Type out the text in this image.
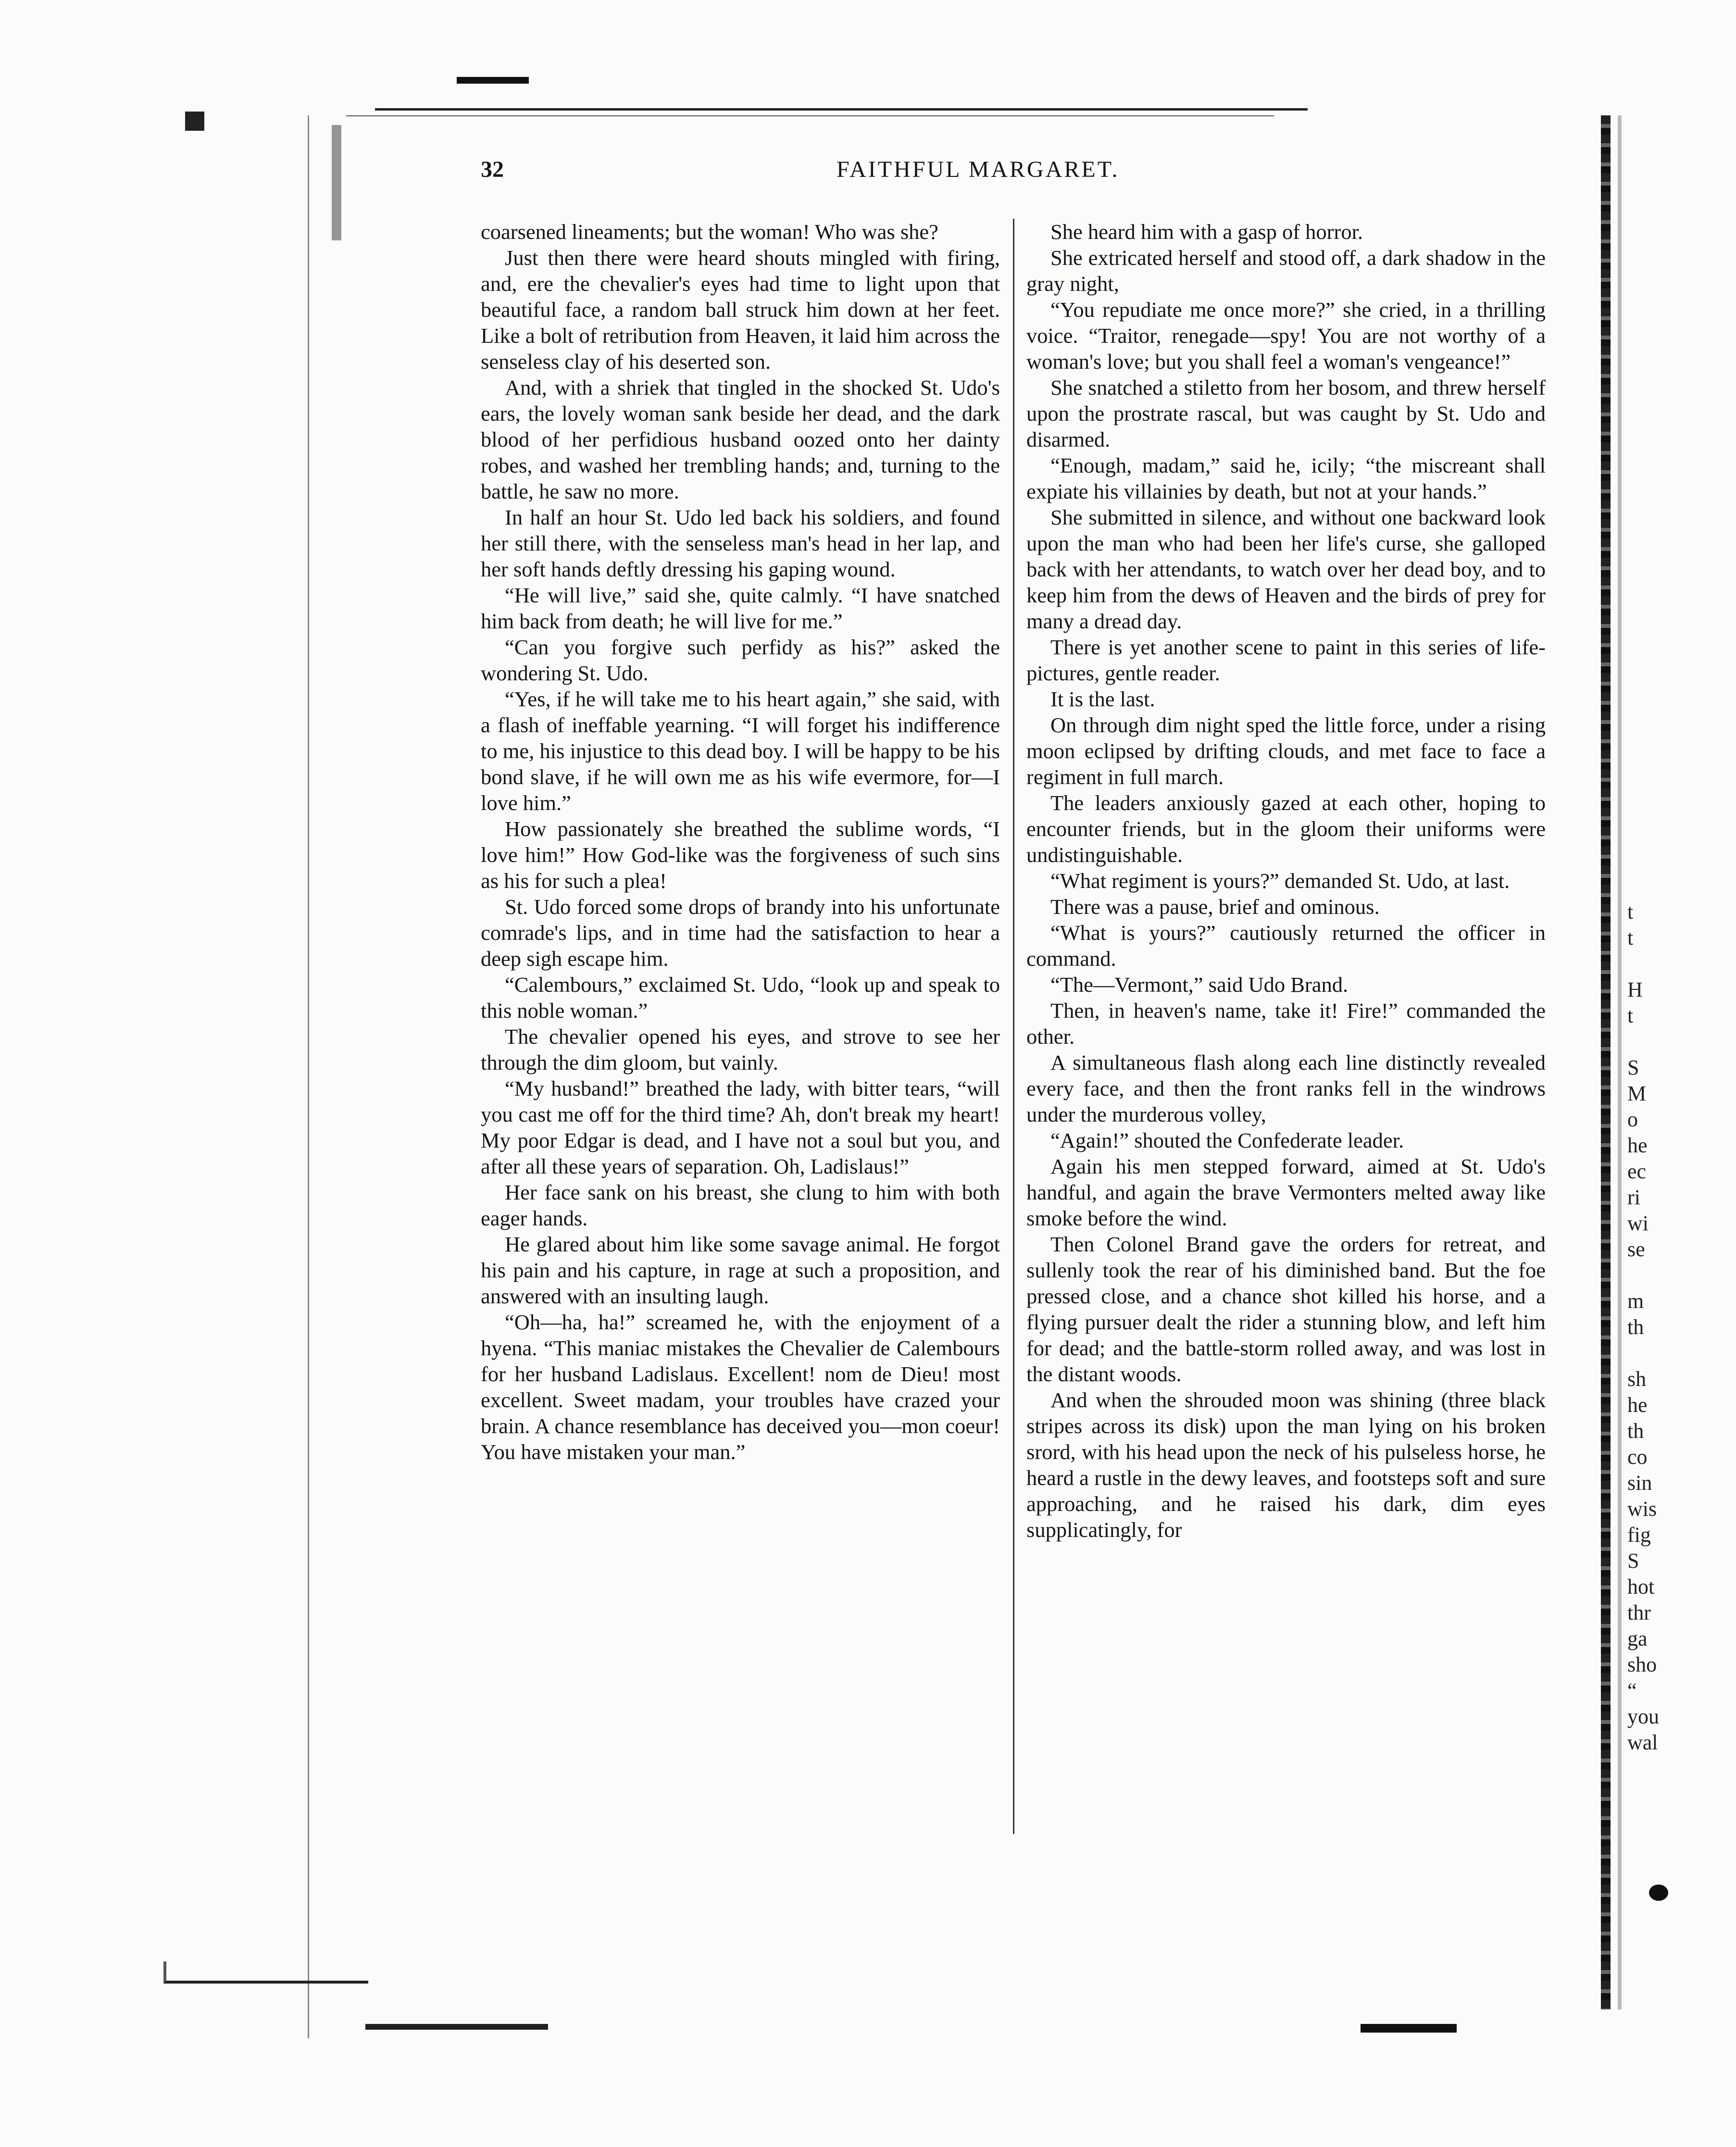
32	FAITHFUL MARGARET.

coarsened lineaments; but the woman! Who was she?

Just then there were heard shouts mingled with firing, and, ere the chevalier's eyes had time to light upon that beautiful face, a random ball struck him down at her feet. Like a bolt of retribution from Heaven, it laid him across the senseless clay of his deserted son.

And, with a shriek that tingled in the shocked St. Udo's ears, the lovely woman sank beside her dead, and the dark blood of her perfidious husband oozed onto her dainty robes, and washed her trembling hands; and, turning to the battle, he saw no more.

In half an hour St. Udo led back his soldiers, and found her still there, with the senseless man's head in her lap, and her soft hands deftly dressing his gaping wound.

“He will live,” said she, quite calmly. “I have snatched him back from death; he will live for me.”

“Can you forgive such perfidy as his?” asked the wondering St. Udo.

“Yes, if he will take me to his heart again,” she said, with a flash of ineffable yearning. “I will forget his indifference to me, his injustice to this dead boy. I will be happy to be his bond slave, if he will own me as his wife evermore, for—I love him.”

How passionately she breathed the sublime words, “I love him!” How God-like was the forgiveness of such sins as his for such a plea!

St. Udo forced some drops of brandy into his unfortunate comrade's lips, and in time had the satisfaction to hear a deep sigh escape him.

“Calembours,” exclaimed St. Udo, “look up and speak to this noble woman.”

The chevalier opened his eyes, and strove to see her through the dim gloom, but vainly.

“My husband!” breathed the lady, with bitter tears, “will you cast me off for the third time? Ah, don't break my heart! My poor Edgar is dead, and I have not a soul but you, and after all these years of separation. Oh, Ladislaus!”

Her face sank on his breast, she clung to him with both eager hands.

He glared about him like some savage animal. He forgot his pain and his capture, in rage at such a proposition, and answered with an insulting laugh.

“Oh—ha, ha!” screamed he, with the enjoyment of a hyena. “This maniac mistakes the Chevalier de Calembours for her husband Ladislaus. Excellent! nom de Dieu! most excellent. Sweet madam, your troubles have crazed your brain. A chance resemblance has deceived you—mon coeur! You have mistaken your man.”

She heard him with a gasp of horror.

She extricated herself and stood off, a dark shadow in the gray night,

“You repudiate me once more?” she cried, in a thrilling voice. “Traitor, renegade—spy! You are not worthy of a woman's love; but you shall feel a woman's vengeance!”

She snatched a stiletto from her bosom, and threw herself upon the prostrate rascal, but was caught by St. Udo and disarmed.

“Enough, madam,” said he, icily; “the miscreant shall expiate his villainies by death, but not at your hands.”

She submitted in silence, and without one backward look upon the man who had been her life's curse, she galloped back with her attendants, to watch over her dead boy, and to keep him from the dews of Heaven and the birds of prey for many a dread day.

There is yet another scene to paint in this series of life-pictures, gentle reader.

It is the last.

On through dim night sped the little force, under a rising moon eclipsed by drifting clouds, and met face to face a regiment in full march.

The leaders anxiously gazed at each other, hoping to encounter friends, but in the gloom their uniforms were undistinguishable.

“What regiment is yours?” demanded St. Udo, at last.

There was a pause, brief and ominous.

“What is yours?” cautiously returned the officer in command.

“The—Vermont,” said Udo Brand.

Then, in heaven's name, take it! Fire!” commanded the other.

A simultaneous flash along each line distinctly revealed every face, and then the front ranks fell in the windrows under the murderous volley,

“Again!” shouted the Confederate leader.

Again his men stepped forward, aimed at St. Udo's handful, and again the brave Vermonters melted away like smoke before the wind.

Then Colonel Brand gave the orders for retreat, and sullenly took the rear of his diminished band. But the foe pressed close, and a chance shot killed his horse, and a flying pursuer dealt the rider a stunning blow, and left him for dead; and the battle-storm rolled away, and was lost in the distant woods.

And when the shrouded moon was shining (three black stripes across its disk) upon the man lying on his broken srord, with his head upon the neck of his pulseless horse, he heard a rustle in the dewy leaves, and footsteps soft and sure approaching, and he raised his dark, dim eyes supplicatingly, for

t
t
H
t
S
M
o
he
ec
ri
wi
se
m
th
sh
he
th
co
sin
wis
fig
S
hot
thr
ga
sho
“
you
wal
